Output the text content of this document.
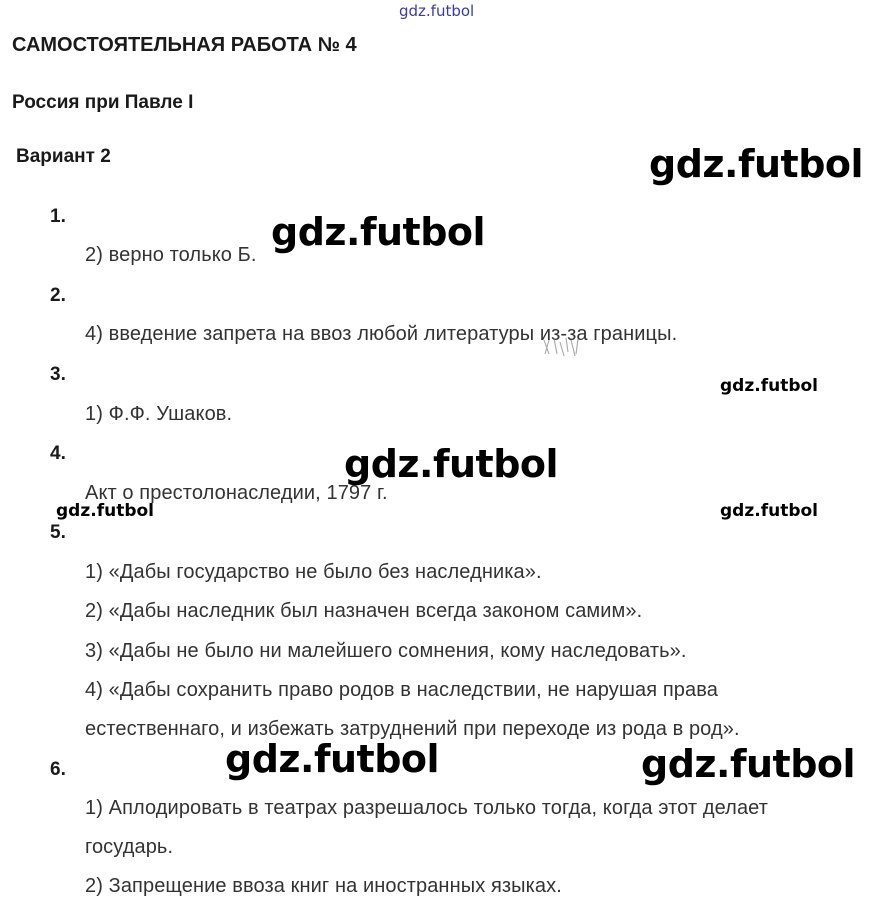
САМОСТОЯТЕЛЬНАЯ РАБОТА № 4
Россия при Павле I
Вариант 2
1.
2) верно только Б.
2.
4) введение запрета на ввоз любой литературы из-за границы.
3.
1) Ф.Ф. Ушаков.
4.
Акт о престолонаследии, 1797 г.
5.
1) «Дабы государство не было без наследника».
2) «Дабы наследник был назначен всегда законом самим».
3) «Дабы не было ни малейшего сомнения, кому наследовать».
4) «Дабы сохранить право родов в наследствии, не нарушая права
естественнаго, и избежать затруднений при переходе из рода в род».
6.
1) Аплодировать в театрах разрешалось только тогда, когда этот делает
государь.
2) Запрещение ввоза книг на иностранных языках.
gdz.futbol
gdz.futbol
gdz.futbol
gdz.futbol
gdz.futbol
gdz.futbol	gdz.futbol
gdz.futbol	gdz.futbol
